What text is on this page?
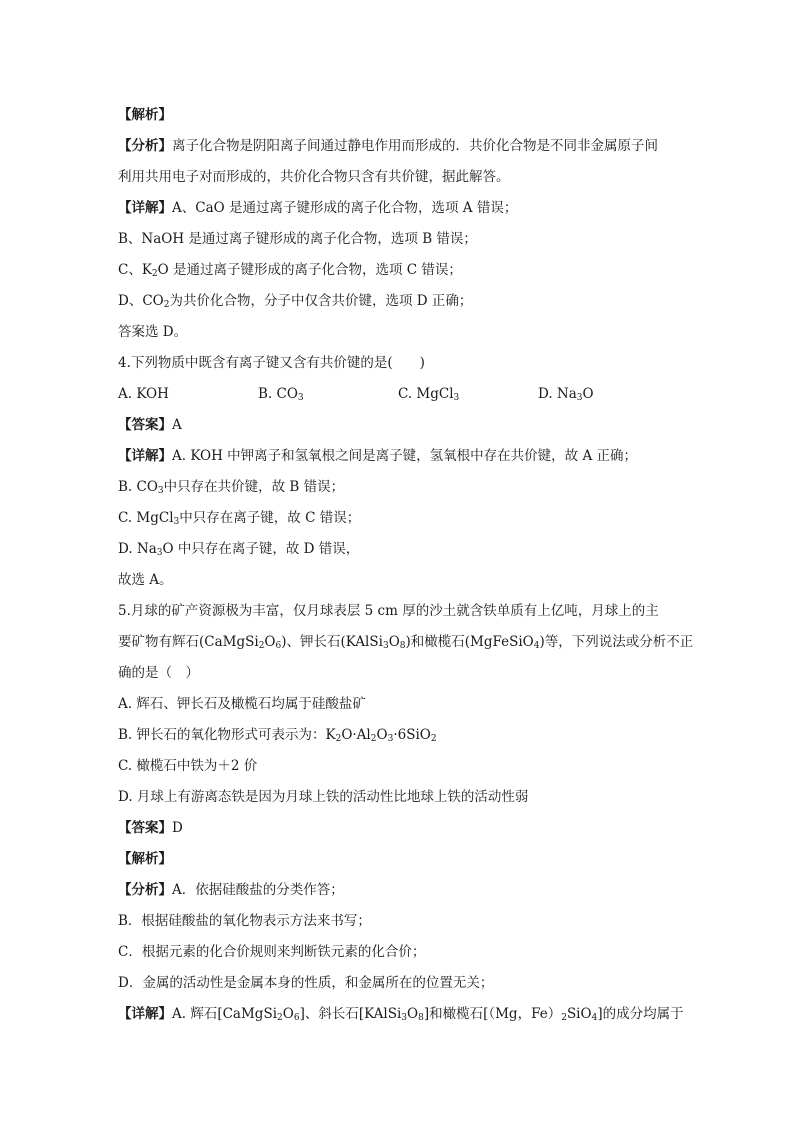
【解析】
【分析】离子化合物是阴阳离子间通过静电作用而形成的．共价化合物是不同非金属原子间
利用共用电子对而形成的，共价化合物只含有共价键，据此解答。
【详解】A、CaO 是通过离子键形成的离子化合物，选项 A 错误；
B、NaOH 是通过离子键形成的离子化合物，选项 B 错误；
C、$K_2O$ 是通过离子键形成的离子化合物，选项 C 错误；
D、$CO_2$为共价化合物，分子中仅含共价键，选项 D 正确；
答案选 D。
4.下列物质中既含有离子键又含有共价键的是(　　)
A. KOH	B. $CO_3$	C. MgCl$_3$	D. $Na_3O$
【答案】A
【详解】A. KOH 中钾离子和氢氧根之间是离子键，氢氧根中存在共价键，故 A 正确；
B. $CO_3$中只存在共价键，故 B 错误；
C. MgCl$_3$中只存在离子键，故 C 错误；
D. $Na_3O$ 中只存在离子键，故 D 错误，
故选 A。
5.月球的矿产资源极为丰富，仅月球表层 5 cm 厚的沙土就含铁单质有上亿吨，月球上的主
要矿物有辉石$(CaMgSi_2O_6)$、钾长石$(KAlSi_3O_8)$和橄榄石(MgFeSiO$_4$)等，下列说法或分析不正
确的是（　）
A. 辉石、钾长石及橄榄石均属于硅酸盐矿
B. 钾长石的氧化物形式可表示为：$K_2O\cdot Al_2O_3\cdot 6SiO_2$
C. 橄榄石中铁为＋2 价
D. 月球上有游离态铁是因为月球上铁的活动性比地球上铁的活动性弱
【答案】D
【解析】
【分析】A．依据硅酸盐的分类作答；
B．根据硅酸盐的氧化物表示方法来书写；
C．根据元素的化合价规则来判断铁元素的化合价；
D．金属的活动性是金属本身的性质，和金属所在的位置无关；
【详解】A. 辉石$[CaMgSi_2O_6]$、斜长石$[KAlSi_3O_8]$和橄榄石[（Mg，$Fe)_2SiO_4$]的成分均属于
